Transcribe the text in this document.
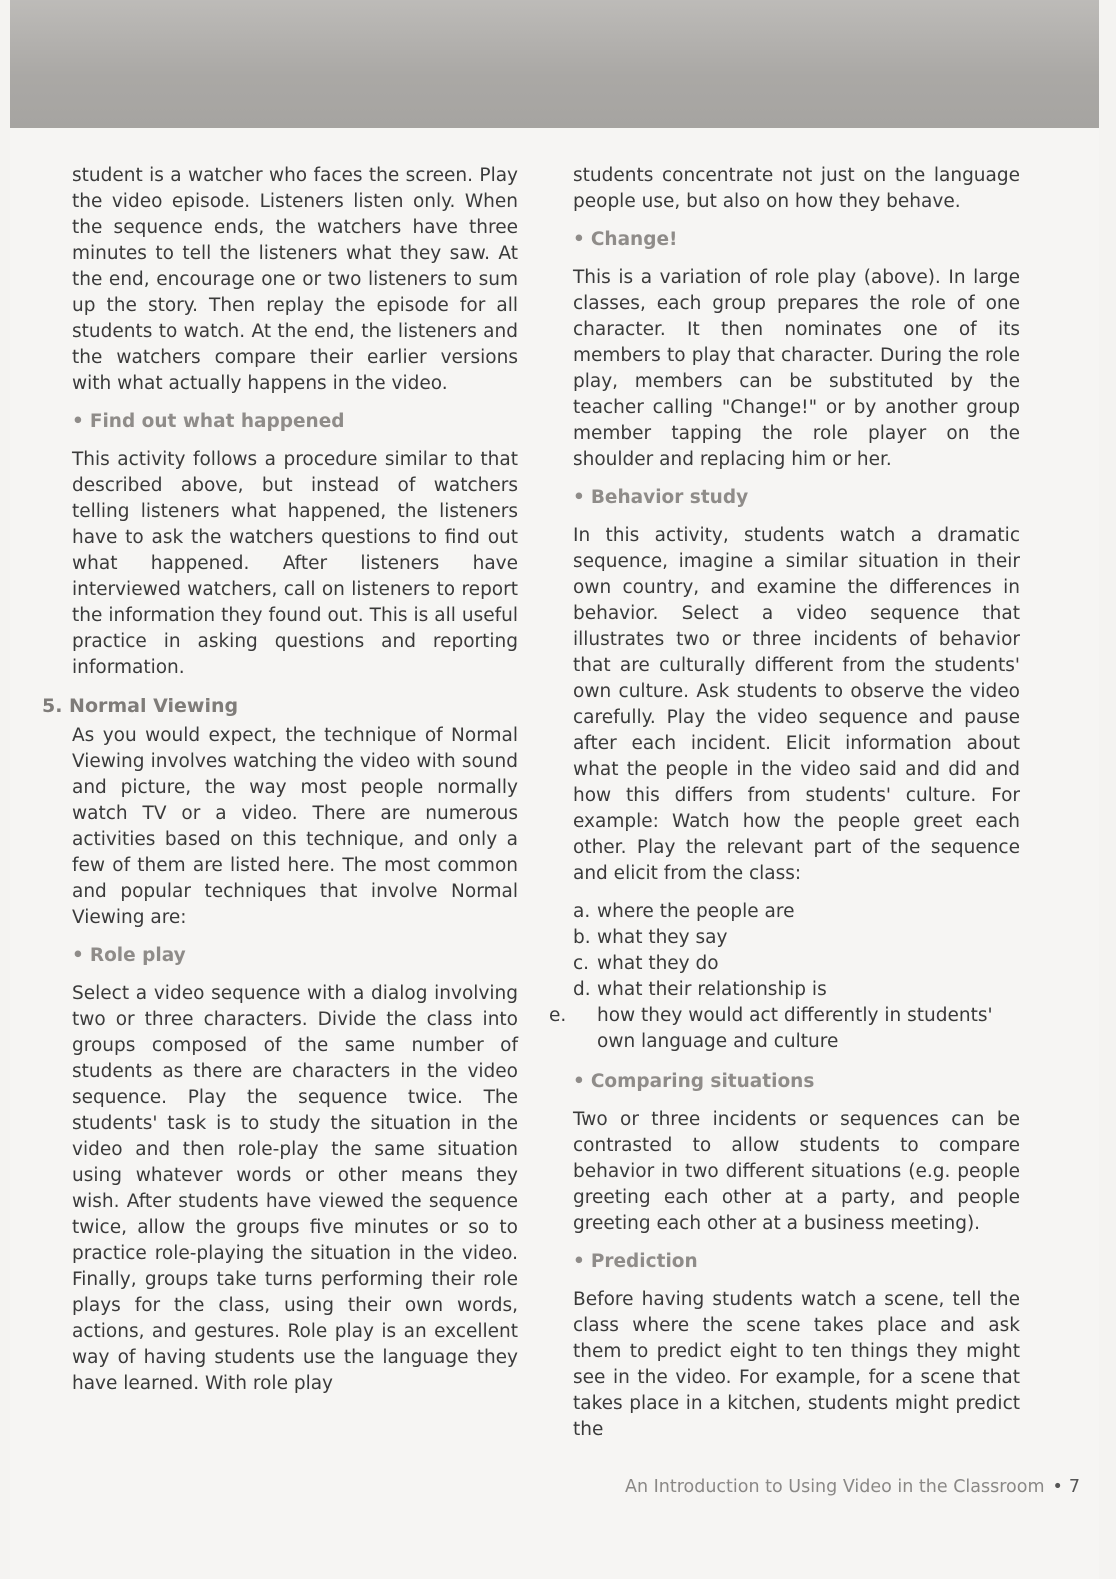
student is a watcher who faces the screen. Play the video episode. Listeners listen only. When the sequence ends, the watchers have three minutes to tell the listeners what they saw. At the end, encourage one or two listeners to sum up the story. Then replay the episode for all students to watch. At the end, the listeners and the watchers compare their earlier versions with what actually happens in the video.

• Find out what happened

This activity follows a procedure similar to that described above, but instead of watchers telling listeners what happened, the listeners have to ask the watchers questions to find out what happened. After listeners have interviewed watchers, call on listeners to report the information they found out. This is all useful practice in asking questions and reporting information.

5. Normal Viewing

As you would expect, the technique of Normal Viewing involves watching the video with sound and picture, the way most people normally watch TV or a video. There are numerous activities based on this technique, and only a few of them are listed here. The most common and popular techniques that involve Normal Viewing are:

• Role play

Select a video sequence with a dialog involving two or three characters. Divide the class into groups composed of the same number of students as there are characters in the video sequence. Play the sequence twice. The students' task is to study the situation in the video and then role-play the same situation using whatever words or other means they wish. After students have viewed the sequence twice, allow the groups five minutes or so to practice role-playing the situation in the video. Finally, groups take turns performing their role plays for the class, using their own words, actions, and gestures. Role play is an excellent way of having students use the language they have learned. With role play

students concentrate not just on the language people use, but also on how they behave.

• Change!

This is a variation of role play (above). In large classes, each group prepares the role of one character. It then nominates one of its members to play that character. During the role play, members can be substituted by the teacher calling "Change!" or by another group member tapping the role player on the shoulder and replacing him or her.

• Behavior study

In this activity, students watch a dramatic sequence, imagine a similar situation in their own country, and examine the differences in behavior. Select a video sequence that illustrates two or three incidents of behavior that are culturally different from the students' own culture. Ask students to observe the video carefully. Play the video sequence and pause after each incident. Elicit information about what the people in the video said and did and how this differs from students' culture. For example: Watch how the people greet each other. Play the relevant part of the sequence and elicit from the class:

a. where the people are
b. what they say
c. what they do
d. what their relationship is
e. how they would act differently in students' own language and culture
• Comparing situations

Two or three incidents or sequences can be contrasted to allow students to compare behavior in two different situations (e.g. people greeting each other at a party, and people greeting each other at a business meeting).

• Prediction

Before having students watch a scene, tell the class where the scene takes place and ask them to predict eight to ten things they might see in the video. For example, for a scene that takes place in a kitchen, students might predict the

An Introduction to Using Video in the Classroom • 7
